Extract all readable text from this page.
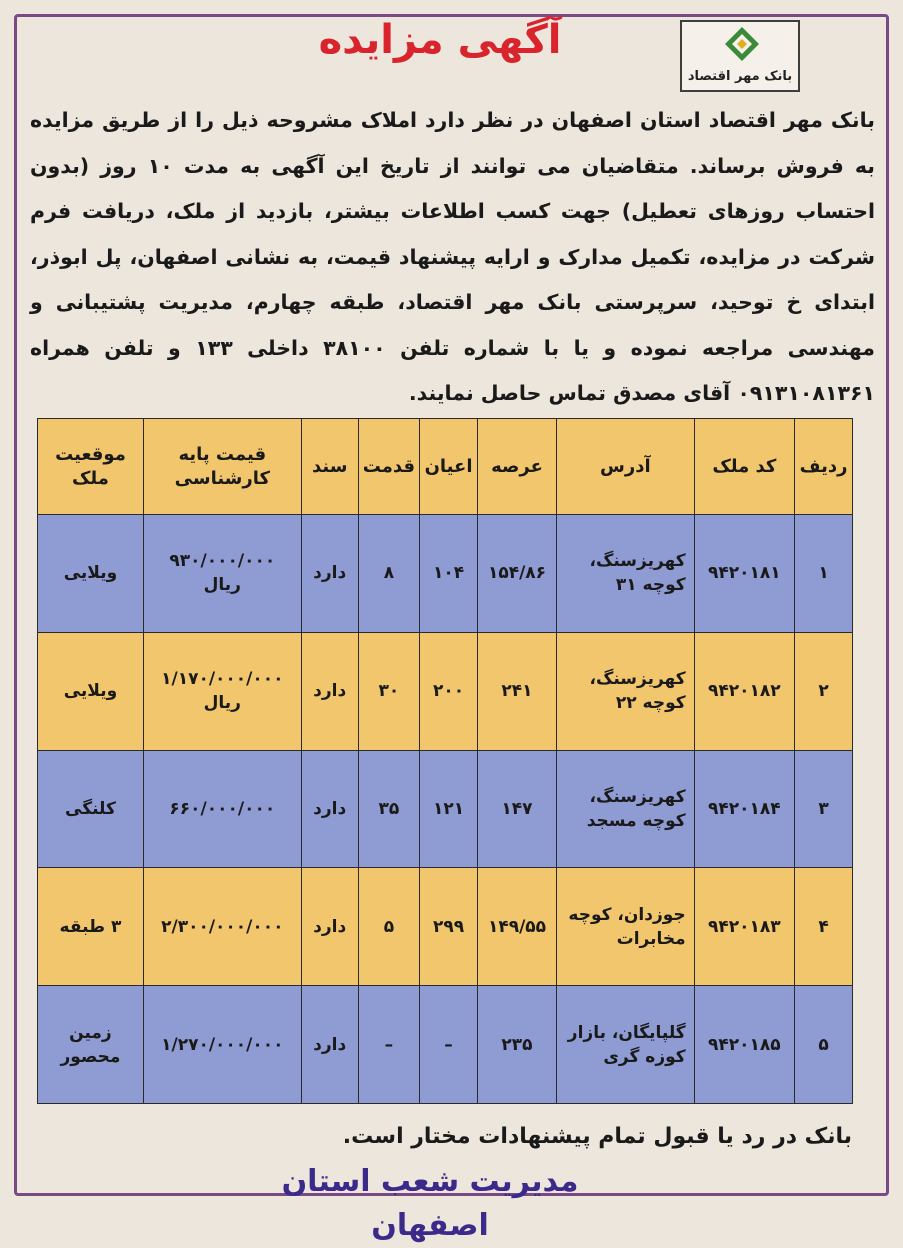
آگهی مزایده
بانک مهر اقتصاد
بانک مهر اقتصاد استان اصفهان در نظر دارد املاک مشروحه ذیل را از طریق مزایده به فروش برساند. متقاضیان می توانند از تاریخ این آگهی به مدت ۱۰ روز (بدون احتساب روزهای تعطیل) جهت کسب اطلاعات بیشتر، بازدید از ملک، دریافت فرم شرکت در مزایده، تکمیل مدارک و ارایه پیشنهاد قیمت، به نشانی اصفهان، پل ابوذر، ابتدای خ توحید، سرپرستی بانک مهر اقتصاد، طبقه چهارم، مدیریت پشتیبانی و مهندسی مراجعه نموده و یا با شماره تلفن ۳۸۱۰۰ داخلی ۱۳۳ و تلفن همراه ۰۹۱۳۱۰۸۱۳۶۱ آقای مصدق تماس حاصل نمایند.
ردیف	کد ملک	آدرس	عرصه	اعیان	قدمت	سند	قیمت پایه کارشناسی	موقعیت ملک
۱	۹۴۲۰۱۸۱	کهریزسنگ، کوچه ۳۱	۱۵۴/۸۶	۱۰۴	۸	دارد	۹۳۰/۰۰۰/۰۰۰ ریال	ویلایی
۲	۹۴۲۰۱۸۲	کهریزسنگ، کوچه ۲۲	۲۴۱	۲۰۰	۳۰	دارد	۱/۱۷۰/۰۰۰/۰۰۰ ریال	ویلایی
۳	۹۴۲۰۱۸۴	کهریزسنگ، کوچه مسجد	۱۴۷	۱۲۱	۳۵	دارد	۶۶۰/۰۰۰/۰۰۰	کلنگی
۴	۹۴۲۰۱۸۳	جوزدان، کوچه مخابرات	۱۴۹/۵۵	۲۹۹	۵	دارد	۲/۳۰۰/۰۰۰/۰۰۰	۳ طبقه
۵	۹۴۲۰۱۸۵	گلپایگان، بازار کوزه گری	۲۳۵	–	–	دارد	۱/۲۷۰/۰۰۰/۰۰۰	زمین محصور
بانک در رد یا قبول تمام پیشنهادات مختار است.
مدیریت شعب استان اصفهان
